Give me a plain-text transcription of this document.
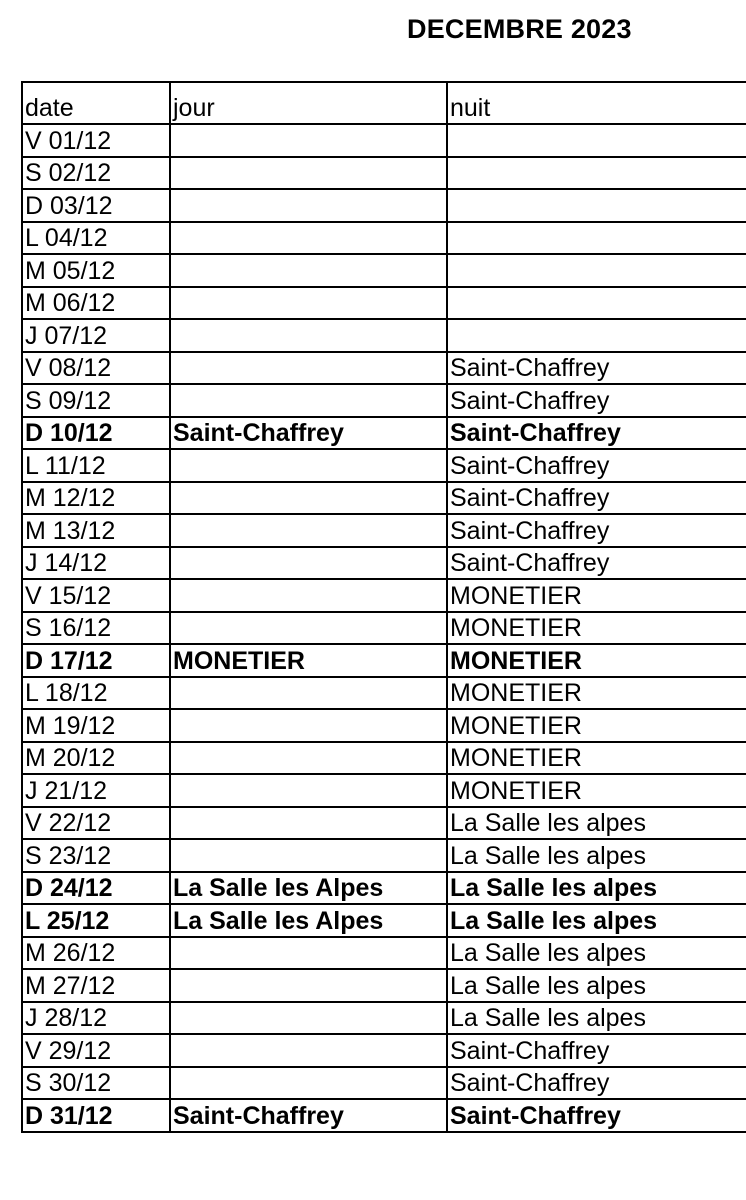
DECEMBRE 2023
date	jour	nuit
V 01/12		
S 02/12		
D 03/12		
L 04/12		
M 05/12		
M 06/12		
J 07/12		
V 08/12		Saint-Chaffrey
S 09/12		Saint-Chaffrey
D 10/12	Saint-Chaffrey	Saint-Chaffrey
L 11/12		Saint-Chaffrey
M 12/12		Saint-Chaffrey
M 13/12		Saint-Chaffrey
J 14/12		Saint-Chaffrey
V 15/12		MONETIER
S 16/12		MONETIER
D 17/12	MONETIER	MONETIER
L 18/12		MONETIER
M 19/12		MONETIER
M 20/12		MONETIER
J 21/12		MONETIER
V 22/12		La Salle les alpes
S 23/12		La Salle les alpes
D 24/12	La Salle les Alpes	La Salle les alpes
L 25/12	La Salle les Alpes	La Salle les alpes
M 26/12		La Salle les alpes
M 27/12		La Salle les alpes
J 28/12		La Salle les alpes
V 29/12		Saint-Chaffrey
S 30/12		Saint-Chaffrey
D 31/12	Saint-Chaffrey	Saint-Chaffrey
